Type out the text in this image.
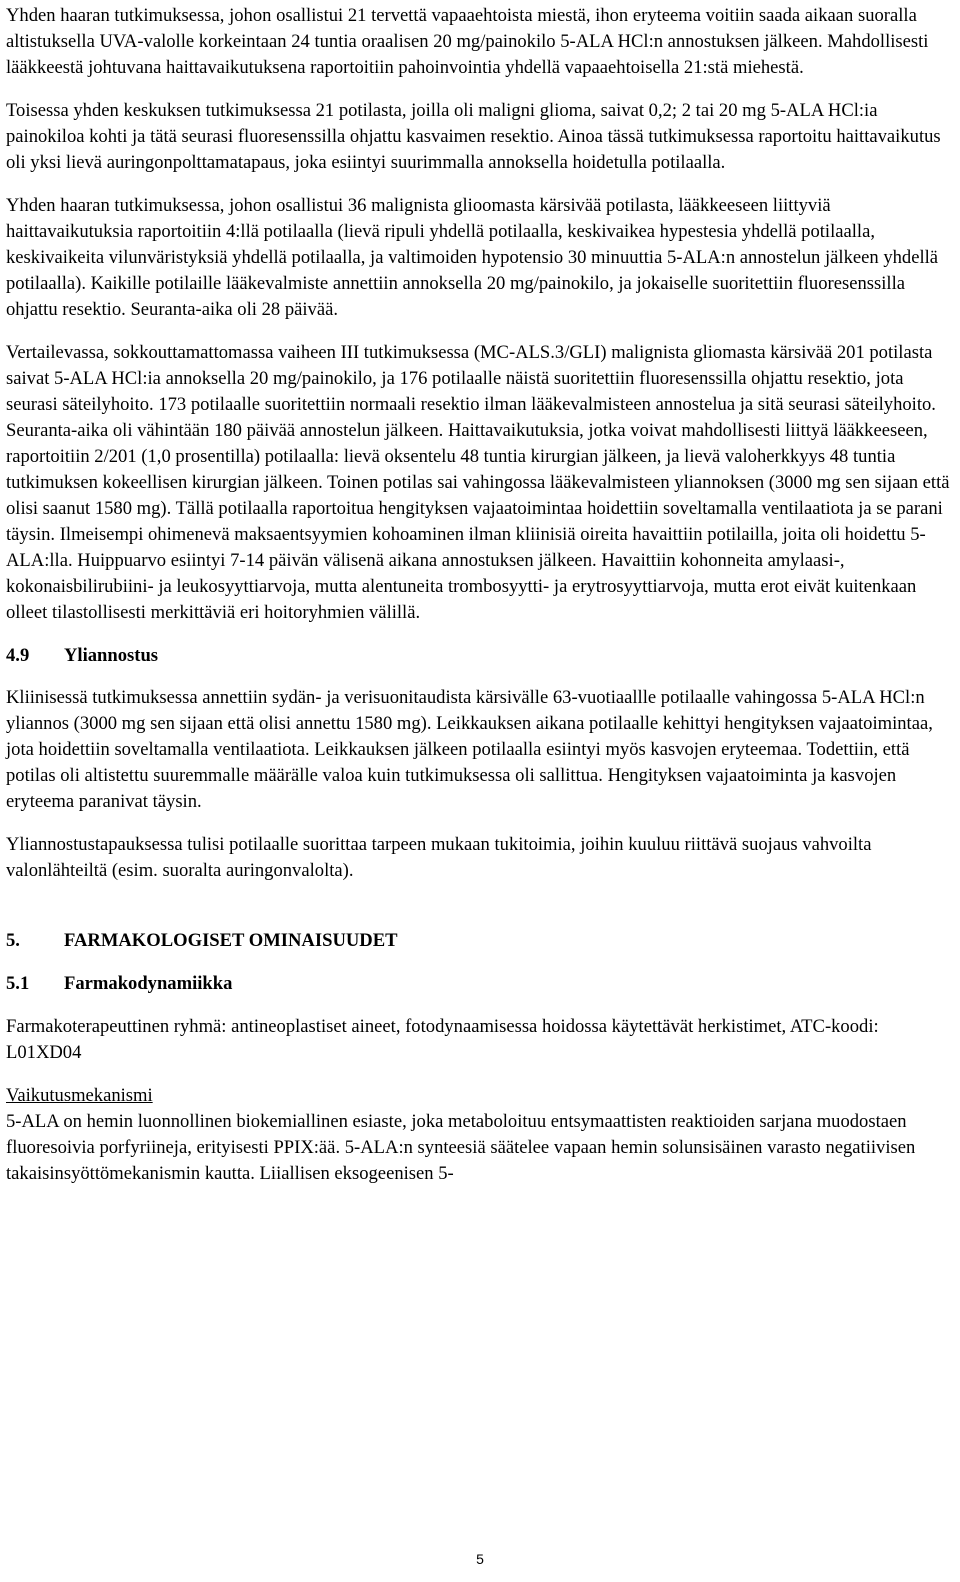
Yhden haaran tutkimuksessa, johon osallistui 21 tervettä vapaaehtoista miestä, ihon eryteema voitiin saada aikaan suoralla altistuksella UVA-valolle korkeintaan 24 tuntia oraalisen 20 mg/painokilo 5-ALA HCl:n annostuksen jälkeen. Mahdollisesti lääkkeestä johtuvana haittavaikutuksena raportoitiin pahoinvointia yhdellä vapaaehtoisella 21:stä miehestä.

Toisessa yhden keskuksen tutkimuksessa 21 potilasta, joilla oli maligni glioma, saivat 0,2; 2 tai 20 mg 5-ALA HCl:ia painokiloa kohti ja tätä seurasi fluoresenssilla ohjattu kasvaimen resektio. Ainoa tässä tutkimuksessa raportoitu haittavaikutus oli yksi lievä auringonpolttamatapaus, joka esiintyi suurimmalla annoksella hoidetulla potilaalla.

Yhden haaran tutkimuksessa, johon osallistui 36 malignista glioomasta kärsivää potilasta, lääkkeeseen liittyviä haittavaikutuksia raportoitiin 4:llä potilaalla (lievä ripuli yhdellä potilaalla, keskivaikea hypestesia yhdellä potilaalla, keskivaikeita vilunväristyksiä yhdellä potilaalla, ja valtimoiden hypotensio 30 minuuttia 5-ALA:n annostelun jälkeen yhdellä potilaalla). Kaikille potilaille lääkevalmiste annettiin annoksella 20 mg/painokilo, ja jokaiselle suoritettiin fluoresenssilla ohjattu resektio. Seuranta-aika oli 28 päivää.

Vertailevassa, sokkouttamattomassa vaiheen III tutkimuksessa (MC-ALS.3/GLI) malignista gliomasta kärsivää 201 potilasta saivat 5-ALA HCl:ia annoksella 20 mg/painokilo, ja 176 potilaalle näistä suoritettiin fluoresenssilla ohjattu resektio, jota seurasi säteilyhoito. 173 potilaalle suoritettiin normaali resektio ilman lääkevalmisteen annostelua ja sitä seurasi säteilyhoito. Seuranta-aika oli vähintään 180 päivää annostelun jälkeen. Haittavaikutuksia, jotka voivat mahdollisesti liittyä lääkkeeseen, raportoitiin 2/201 (1,0 prosentilla) potilaalla: lievä oksentelu 48 tuntia kirurgian jälkeen, ja lievä valoherkkyys 48 tuntia tutkimuksen kokeellisen kirurgian jälkeen. Toinen potilas sai vahingossa lääkevalmisteen yliannoksen (3000 mg sen sijaan että olisi saanut 1580 mg). Tällä potilaalla raportoitua hengityksen vajaatoimintaa hoidettiin soveltamalla ventilaatiota ja se parani täysin. Ilmeisempi ohimenevä maksaentsyymien kohoaminen ilman kliinisiä oireita havaittiin potilailla, joita oli hoidettu 5-ALA:lla. Huippuarvo esiintyi 7-14 päivän välisenä aikana annostuksen jälkeen. Havaittiin kohonneita amylaasi-, kokonaisbilirubiini- ja leukosyyttiarvoja, mutta alentuneita trombosyytti- ja erytrosyyttiarvoja, mutta erot eivät kuitenkaan olleet tilastollisesti merkittäviä eri hoitoryhmien välillä.

4.9 Yliannostus

Kliinisessä tutkimuksessa annettiin sydän- ja verisuonitaudista kärsivälle 63-vuotiaallle potilaalle vahingossa 5-ALA HCl:n yliannos (3000 mg sen sijaan että olisi annettu 1580 mg). Leikkauksen aikana potilaalle kehittyi hengityksen vajaatoimintaa, jota hoidettiin soveltamalla ventilaatiota. Leikkauksen jälkeen potilaalla esiintyi myös kasvojen eryteemaa. Todettiin, että potilas oli altistettu suuremmalle määrälle valoa kuin tutkimuksessa oli sallittua. Hengityksen vajaatoiminta ja kasvojen eryteema paranivat täysin.

Yliannostustapauksessa tulisi potilaalle suorittaa tarpeen mukaan tukitoimia, joihin kuuluu riittävä suojaus vahvoilta valonlähteiltä (esim. suoralta auringonvalolta).

5. FARMAKOLOGISET OMINAISUUDET
5.1 Farmakodynamiikka

Farmakoterapeuttinen ryhmä: antineoplastiset aineet, fotodynaamisessa hoidossa käytettävät herkistimet, ATC-koodi: L01XD04

Vaikutusmekanismi

5-ALA on hemin luonnollinen biokemiallinen esiaste, joka metaboloituu entsymaattisten reaktioiden sarjana muodostaen fluoresoivia porfyriineja, erityisesti PPIX:ää. 5-ALA:n synteesiä säätelee vapaan hemin solunsisäinen varasto negatiivisen takaisinsyöttömekanismin kautta. Liiallisen eksogeenisen 5-

5
